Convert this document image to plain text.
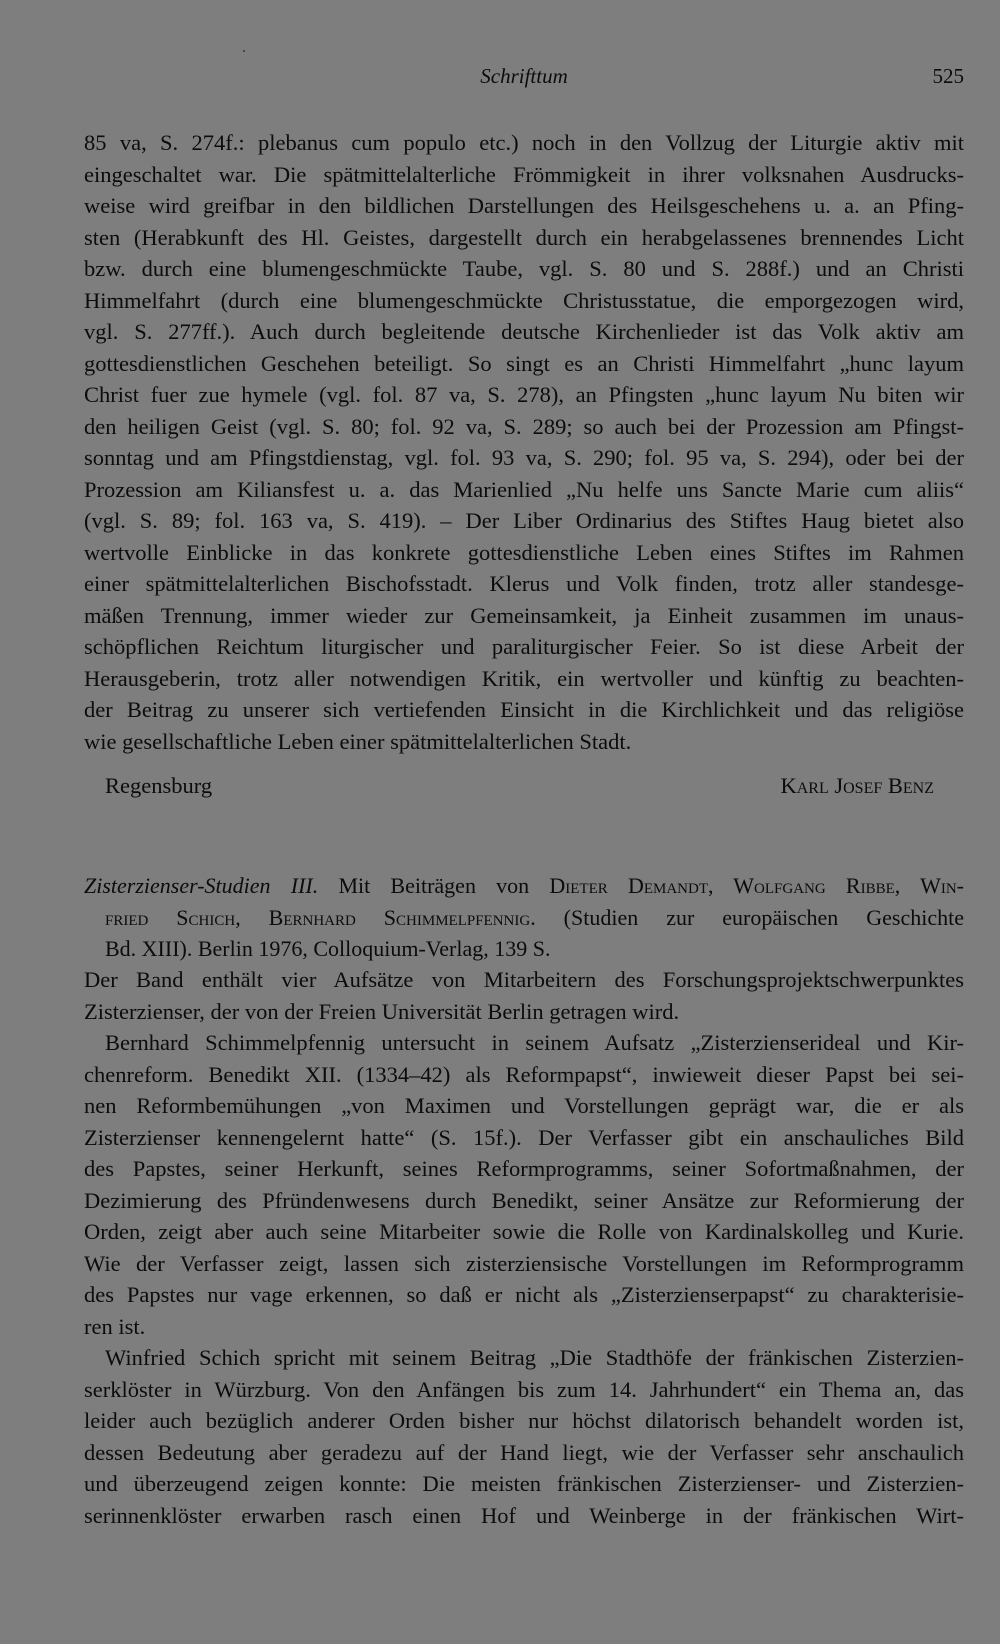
Schrifttum	525

85 va, S. 274f.: plebanus cum populo etc.) noch in den Vollzug der Liturgie aktiv mit
eingeschaltet war. Die spätmittelalterliche Frömmigkeit in ihrer volksnahen Ausdrucks-
weise wird greifbar in den bildlichen Darstellungen des Heilsgeschehens u. a. an Pfing-
sten (Herabkunft des Hl. Geistes, dargestellt durch ein herabgelassenes brennendes Licht
bzw. durch eine blumengeschmückte Taube, vgl. S. 80 und S. 288f.) und an Christi
Himmelfahrt (durch eine blumengeschmückte Christusstatue, die emporgezogen wird,
vgl. S. 277ff.). Auch durch begleitende deutsche Kirchenlieder ist das Volk aktiv am
gottesdienstlichen Geschehen beteiligt. So singt es an Christi Himmelfahrt „hunc layum
Christ fuer zue hymele (vgl. fol. 87 va, S. 278), an Pfingsten „hunc layum Nu biten wir
den heiligen Geist (vgl. S. 80; fol. 92 va, S. 289; so auch bei der Prozession am Pfingst-
sonntag und am Pfingstdienstag, vgl. fol. 93 va, S. 290; fol. 95 va, S. 294), oder bei der
Prozession am Kiliansfest u. a. das Marienlied „Nu helfe uns Sancte Marie cum aliis“
(vgl. S. 89; fol. 163 va, S. 419). – Der Liber Ordinarius des Stiftes Haug bietet also
wertvolle Einblicke in das konkrete gottesdienstliche Leben eines Stiftes im Rahmen
einer spätmittelalterlichen Bischofsstadt. Klerus und Volk finden, trotz aller standesge-
mäßen Trennung, immer wieder zur Gemeinsamkeit, ja Einheit zusammen im unaus-
schöpflichen Reichtum liturgischer und paraliturgischer Feier. So ist diese Arbeit der
Herausgeberin, trotz aller notwendigen Kritik, ein wertvoller und künftig zu beachten-
der Beitrag zu unserer sich vertiefenden Einsicht in die Kirchlichkeit und das religiöse
wie gesellschaftliche Leben einer spätmittelalterlichen Stadt.

Regensburg	Karl Josef Benz
Zisterzienser-Studien III. Mit Beiträgen von Dieter Demandt, Wolfgang Ribbe, Win-
fried Schich, Bernhard Schimmelpfennig. (Studien zur europäischen Geschichte
Bd. XIII). Berlin 1976, Colloquium-Verlag, 139 S.

Der Band enthält vier Aufsätze von Mitarbeitern des Forschungsprojektschwerpunktes
Zisterzienser, der von der Freien Universität Berlin getragen wird.

Bernhard Schimmelpfennig untersucht in seinem Aufsatz „Zisterzienserideal und Kir-
chenreform. Benedikt XII. (1334–42) als Reformpapst“, inwieweit dieser Papst bei sei-
nen Reformbemühungen „von Maximen und Vorstellungen geprägt war, die er als
Zisterzienser kennengelernt hatte“ (S. 15f.). Der Verfasser gibt ein anschauliches Bild
des Papstes, seiner Herkunft, seines Reformprogramms, seiner Sofortmaßnahmen, der
Dezimierung des Pfründenwesens durch Benedikt, seiner Ansätze zur Reformierung der
Orden, zeigt aber auch seine Mitarbeiter sowie die Rolle von Kardinalskolleg und Kurie.
Wie der Verfasser zeigt, lassen sich zisterziensische Vorstellungen im Reformprogramm
des Papstes nur vage erkennen, so daß er nicht als „Zisterzienserpapst“ zu charakterisie-
ren ist.

Winfried Schich spricht mit seinem Beitrag „Die Stadthöfe der fränkischen Zisterzien-
serklöster in Würzburg. Von den Anfängen bis zum 14. Jahrhundert“ ein Thema an, das
leider auch bezüglich anderer Orden bisher nur höchst dilatorisch behandelt worden ist,
dessen Bedeutung aber geradezu auf der Hand liegt, wie der Verfasser sehr anschaulich
und überzeugend zeigen konnte: Die meisten fränkischen Zisterzienser- und Zisterzien-
serinnenklöster erwarben rasch einen Hof und Weinberge in der fränkischen Wirt-
